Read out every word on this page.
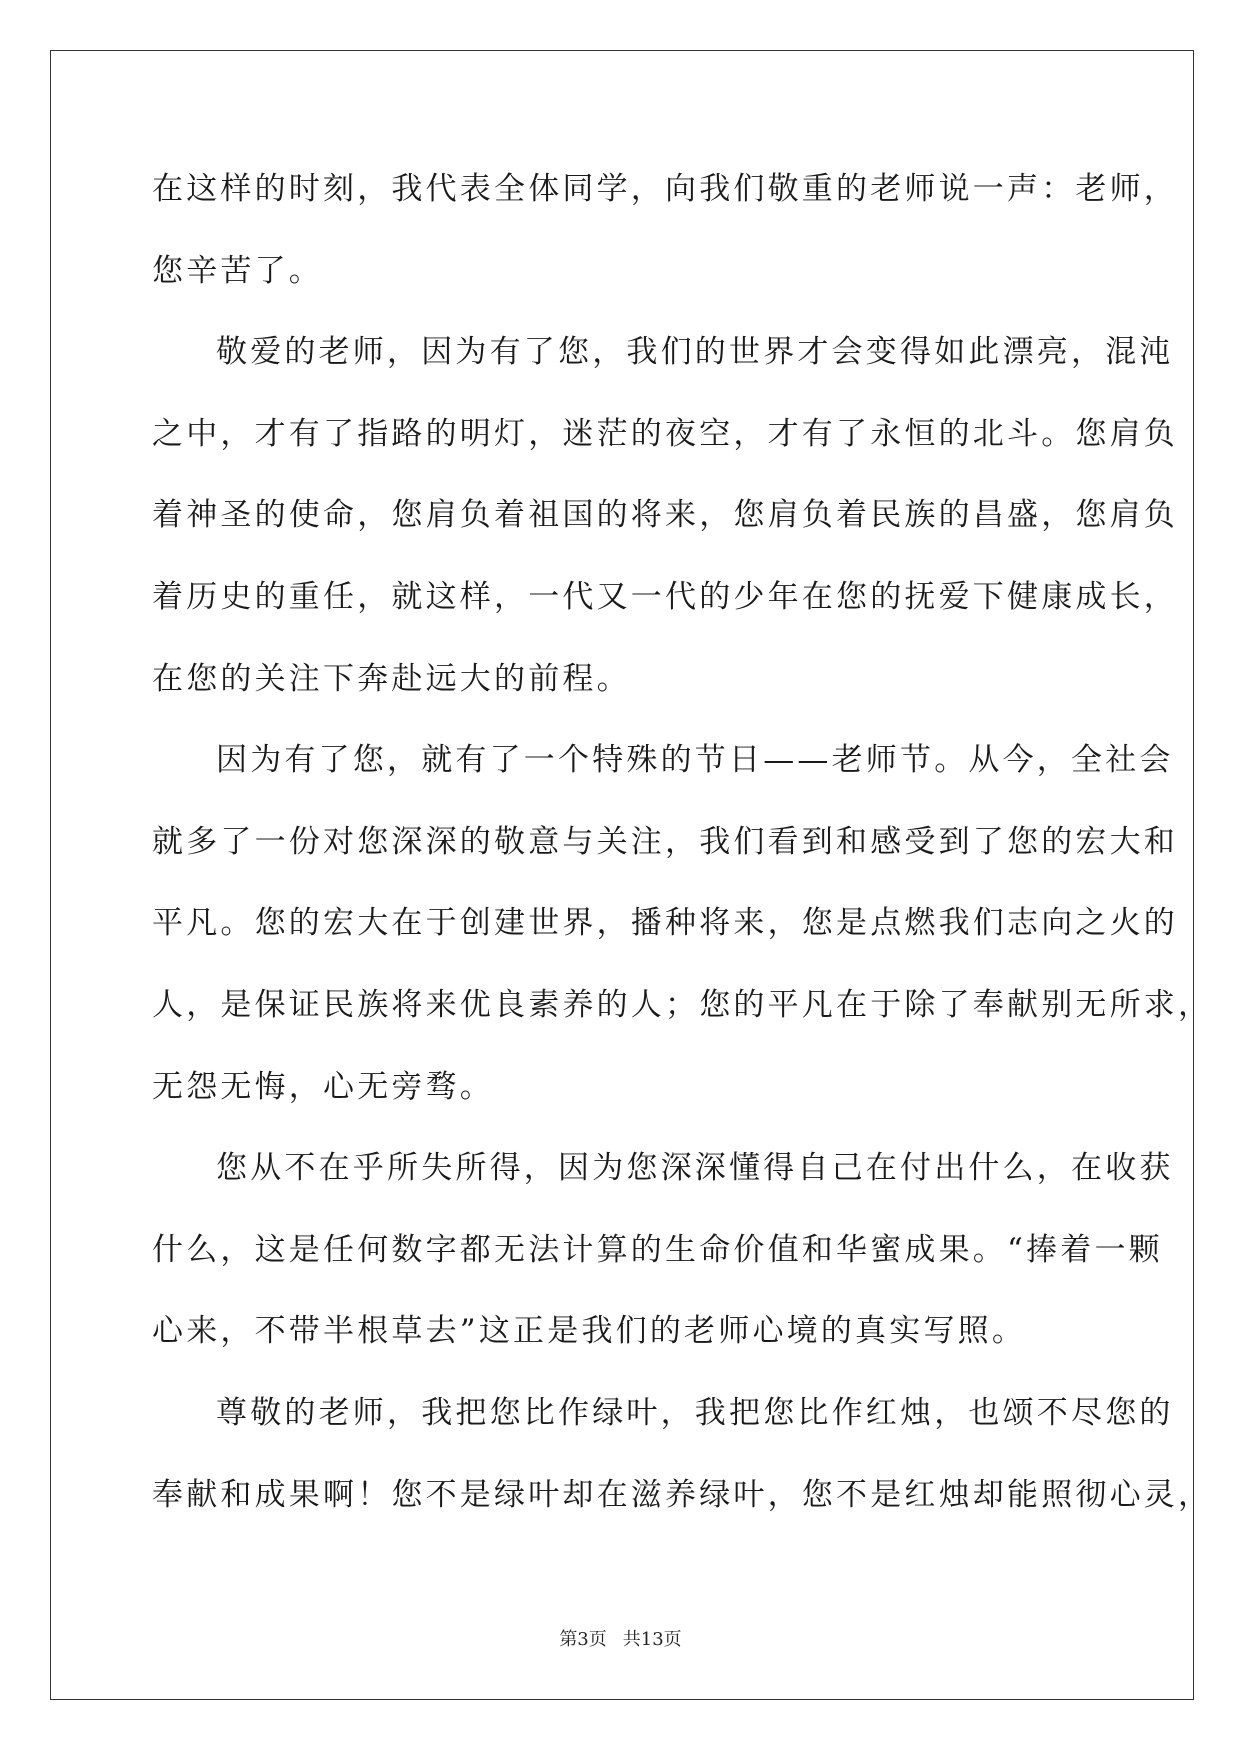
在这样的时刻，我代表全体同学，向我们敬重的老师说一声：老师，
您辛苦了。
敬爱的老师，因为有了您，我们的世界才会变得如此漂亮，混沌
之中，才有了指路的明灯，迷茫的夜空，才有了永恒的北斗。您肩负
着神圣的使命，您肩负着祖国的将来，您肩负着民族的昌盛，您肩负
着历史的重任，就这样，一代又一代的少年在您的抚爱下健康成长，
在您的关注下奔赴远大的前程。
因为有了您，就有了一个特殊的节日——老师节。从今，全社会
就多了一份对您深深的敬意与关注，我们看到和感受到了您的宏大和
平凡。您的宏大在于创建世界，播种将来，您是点燃我们志向之火的
人，是保证民族将来优良素养的人；您的平凡在于除了奉献别无所求，
无怨无悔，心无旁骛。
您从不在乎所失所得，因为您深深懂得自己在付出什么，在收获
什么，这是任何数字都无法计算的生命价值和华蜜成果。“捧着一颗
心来，不带半根草去”这正是我们的老师心境的真实写照。
尊敬的老师，我把您比作绿叶，我把您比作红烛，也颂不尽您的
奉献和成果啊！您不是绿叶却在滋养绿叶，您不是红烛却能照彻心灵，
第3页 共13页
